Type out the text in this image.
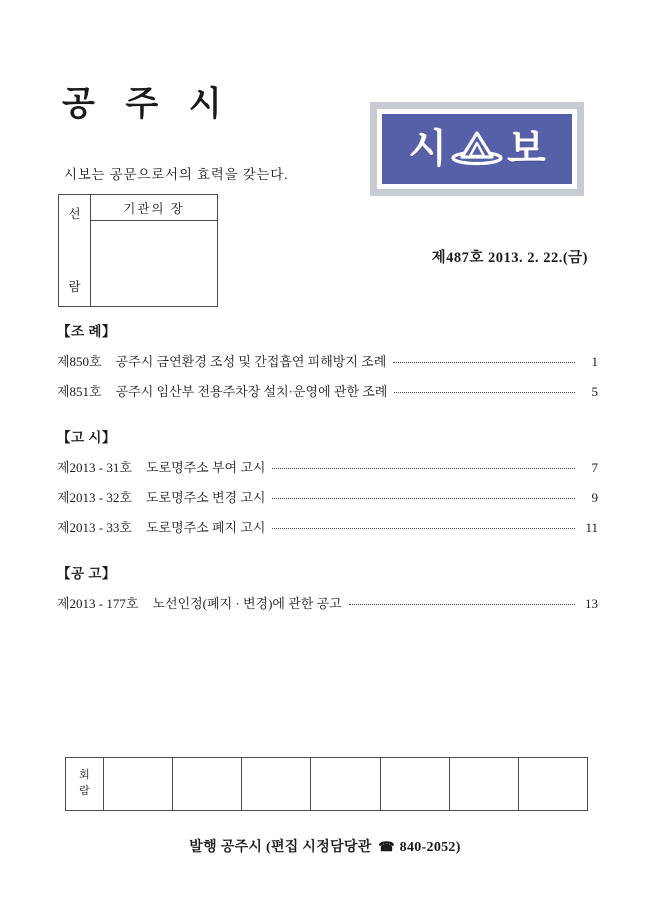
공 주 시
시보는 공문으로서의 효력을 갖는다.
시 보
선
람
기관의 장
제487호 2013. 2. 22.(금)
【조 례】
제850호 공주시 금연환경 조성 및 간접흡연 피해방지 조례	1
제851호 공주시 임산부 전용주차장 설치·운영에 관한 조례	5
【고 시】
제2013 - 31호 도로명주소 부여 고시	7
제2013 - 32호 도로명주소 변경 고시	9
제2013 - 33호 도로명주소 폐지 고시	11
【공 고】
제2013 - 177호 노선인정(폐지 · 변경)에 관한 공고	13
회
람
발행 공주시 (편집 시정담당관 ☎ 840-2052)
